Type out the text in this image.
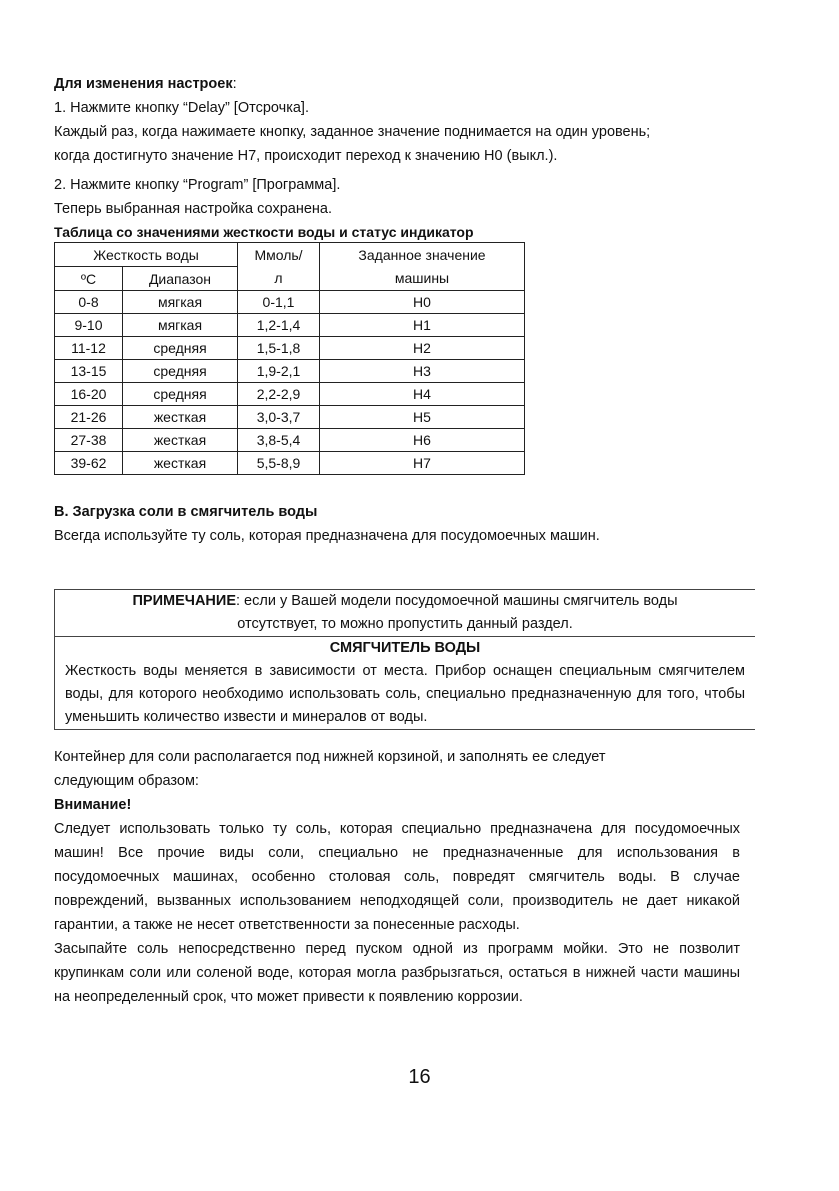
Для изменения настроек:
1. Нажмите кнопку “Delay” [Отсрочка].
Каждый раз, когда нажимаете кнопку, заданное значение поднимается на один уровень;
когда достигнуто значение H7, происходит переход к значению H0 (выкл.).
2. Нажмите кнопку “Program” [Программа].
Теперь выбранная настройка сохранена.
Таблица со значениями жесткости воды и статус индикатор
Жесткость воды		Ммоль/	Заданное значение
ºС	Диапазон	л	машины
0-8	мягкая	0-1,1	H0
9-10	мягкая	1,2-1,4	H1
11-12	средняя	1,5-1,8	H2
13-15	средняя	1,9-2,1	H3
16-20	средняя	2,2-2,9	H4
21-26	жесткая	3,0-3,7	H5
27-38	жесткая	3,8-5,4	H6
39-62	жесткая	5,5-8,9	H7
B. Загрузка соли в смягчитель воды
Всегда используйте ту соль, которая предназначена для посудомоечных машин.
ПРИМЕЧАНИЕ: если у Вашей модели посудомоечной машины смягчитель воды
отсутствует, то можно пропустить данный раздел.
СМЯГЧИТЕЛЬ ВОДЫ
Жесткость воды меняется в зависимости от места. Прибор оснащен специальным смягчителем воды, для которого необходимо использовать соль, специально предназначенную для того, чтобы уменьшить количество извести и минералов от воды.
Контейнер для соли располагается под нижней корзиной, и заполнять ее следует
следующим образом:
Внимание!

Следует использовать только ту соль, которая специально предназначена для посудомоечных машин! Все прочие виды соли, специально не предназначенные для использования в посудомоечных машинах, особенно столовая соль, повредят смягчитель воды. В случае повреждений, вызванных использованием неподходящей соли, производитель не дает никакой гарантии, а также не несет ответственности за понесенные расходы.

Засыпайте соль непосредственно перед пуском одной из программ мойки. Это не позволит крупинкам соли или соленой воде, которая могла разбрызгаться, остаться в нижней части машины на неопределенный срок, что может привести к появлению коррозии.

16
